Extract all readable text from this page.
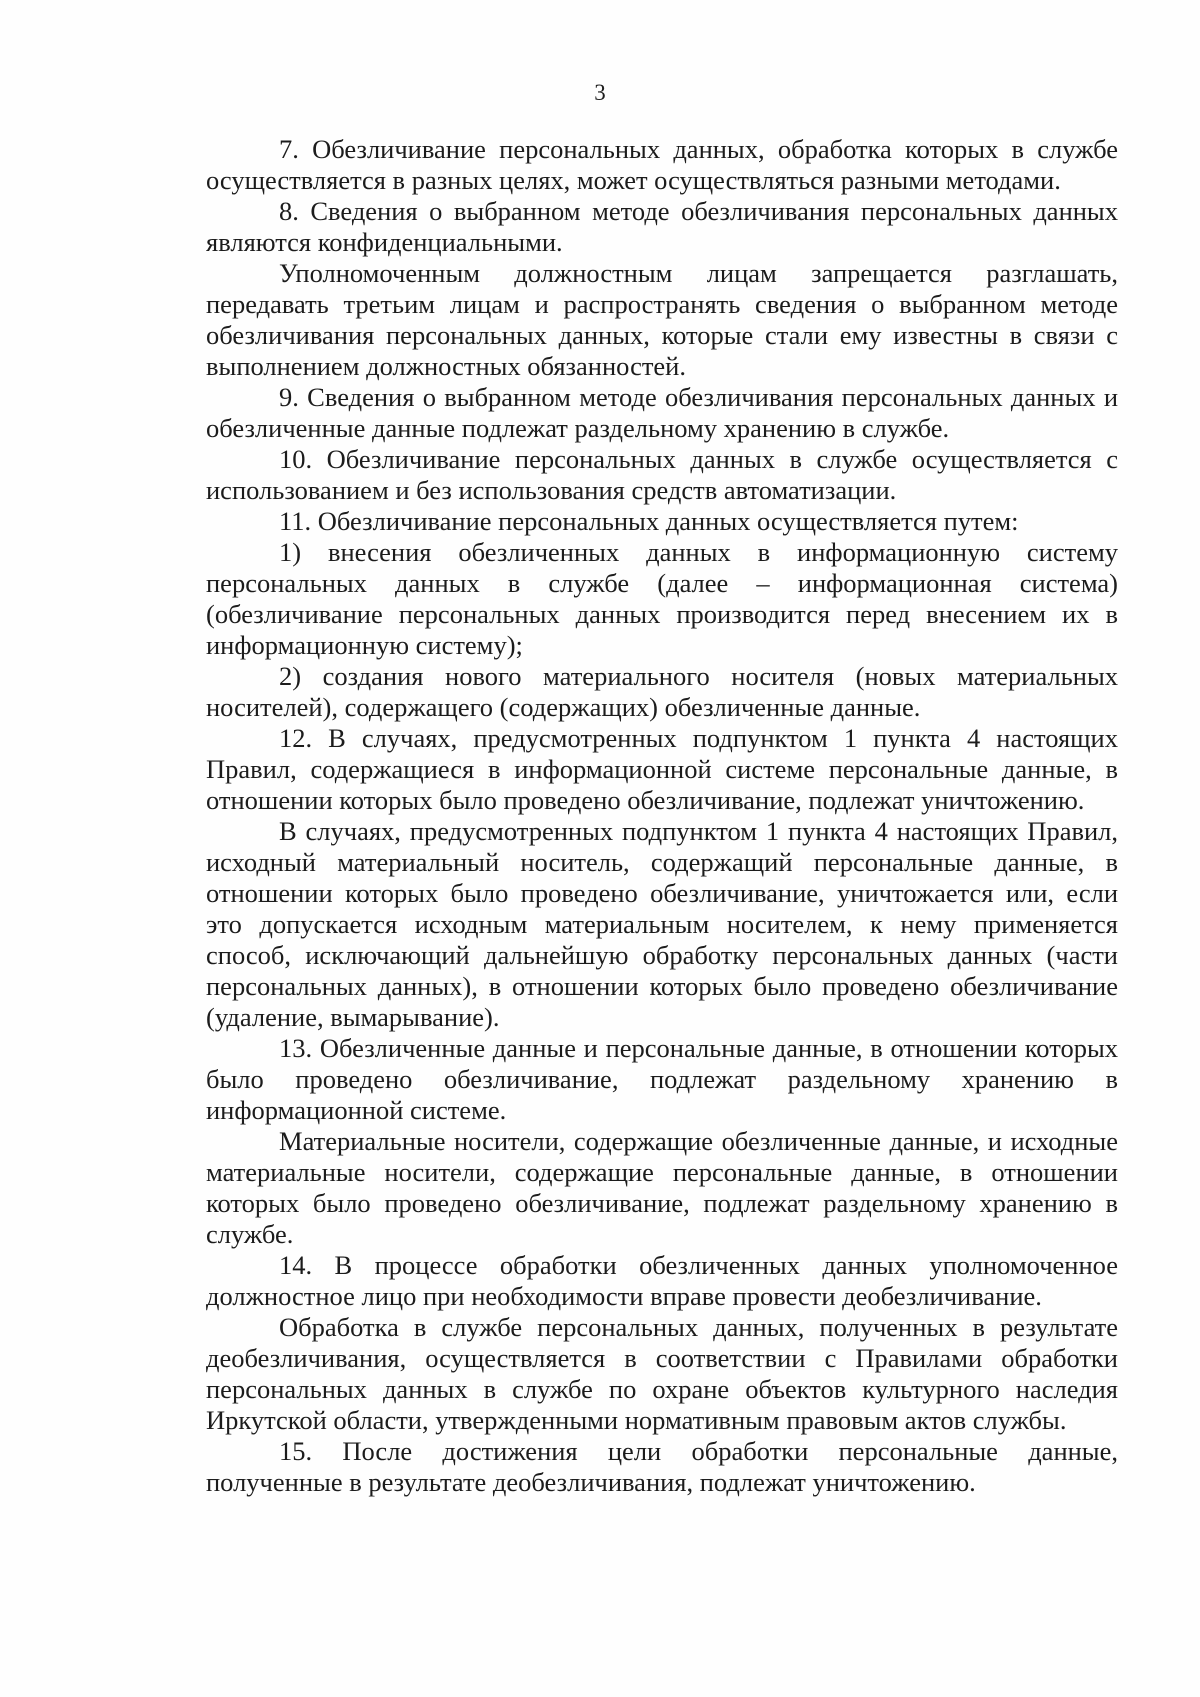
3

7. Обезличивание персональных данных, обработка которых в службе осуществляется в разных целях, может осуществляться разными методами.

8. Сведения о выбранном методе обезличивания персональных данных являются конфиденциальными.

Уполномоченным должностным лицам запрещается разглашать, передавать третьим лицам и распространять сведения о выбранном методе обезличивания персональных данных, которые стали ему известны в связи с выполнением должностных обязанностей.

9. Сведения о выбранном методе обезличивания персональных данных и обезличенные данные подлежат раздельному хранению в службе.

10. Обезличивание персональных данных в службе осуществляется с использованием и без использования средств автоматизации.

11. Обезличивание персональных данных осуществляется путем:

1) внесения обезличенных данных в информационную систему персональных данных в службе (далее – информационная система) (обезличивание персональных данных производится перед внесением их в информационную систему);

2) создания нового материального носителя (новых материальных носителей), содержащего (содержащих) обезличенные данные.

12. В случаях, предусмотренных подпунктом 1 пункта 4 настоящих Правил, содержащиеся в информационной системе персональные данные, в отношении которых было проведено обезличивание, подлежат уничтожению.

В случаях, предусмотренных подпунктом 1 пункта 4 настоящих Правил, исходный материальный носитель, содержащий персональные данные, в отношении которых было проведено обезличивание, уничтожается или, если это допускается исходным материальным носителем, к нему применяется способ, исключающий дальнейшую обработку персональных данных (части персональных данных), в отношении которых было проведено обезличивание (удаление, вымарывание).

13. Обезличенные данные и персональные данные, в отношении которых было проведено обезличивание, подлежат раздельному хранению в информационной системе.

Материальные носители, содержащие обезличенные данные, и исходные материальные носители, содержащие персональные данные, в отношении которых было проведено обезличивание, подлежат раздельному хранению в службе.

14. В процессе обработки обезличенных данных уполномоченное должностное лицо при необходимости вправе провести деобезличивание.

Обработка в службе персональных данных, полученных в результате деобезличивания, осуществляется в соответствии с Правилами обработки персональных данных в службе по охране объектов культурного наследия Иркутской области, утвержденными нормативным правовым актов службы.

15. После достижения цели обработки персональные данные, полученные в результате деобезличивания, подлежат уничтожению.
